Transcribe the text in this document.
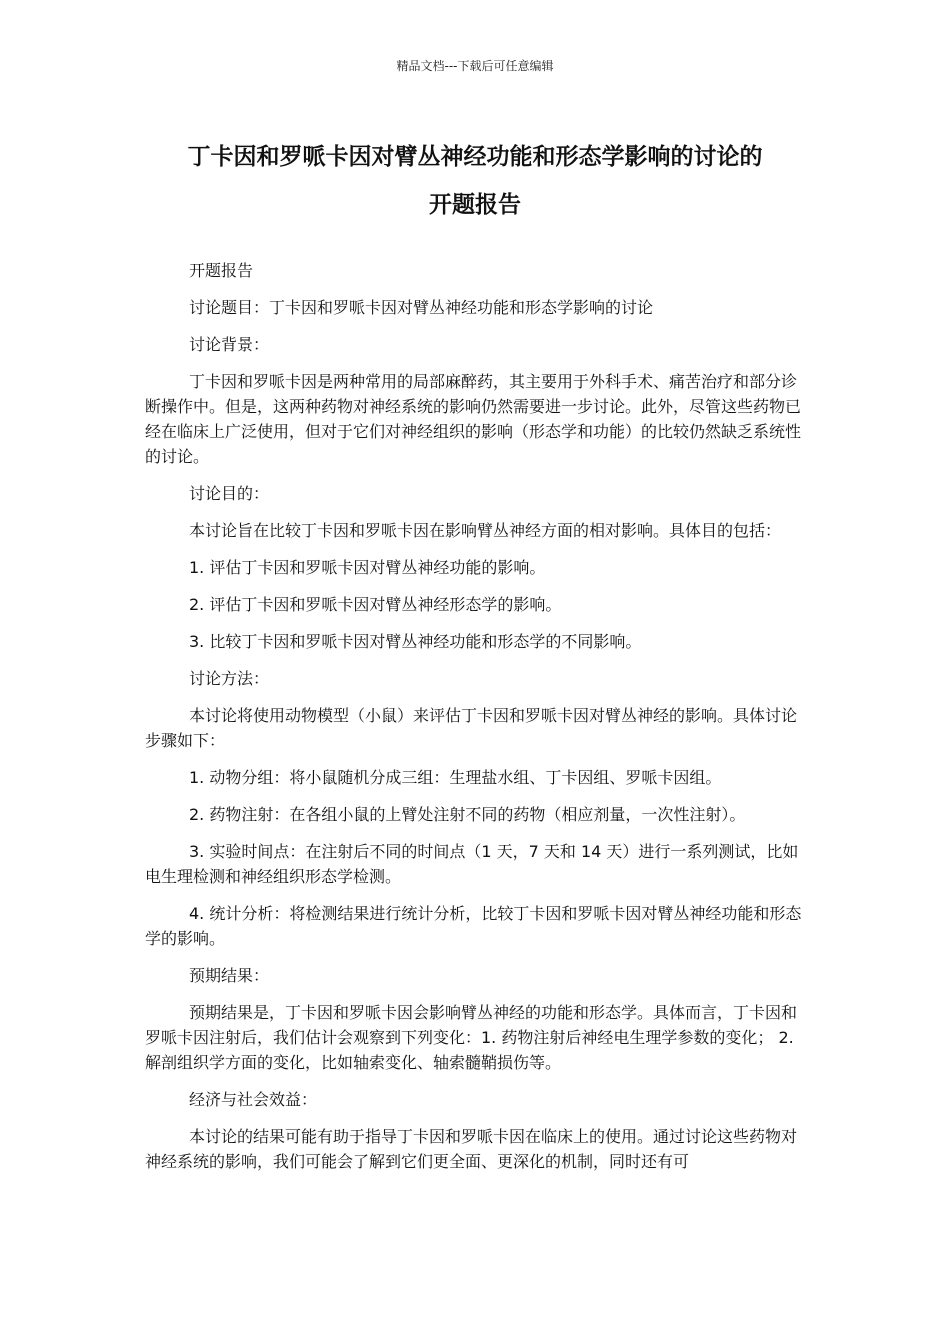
精品文档---下载后可任意编辑
丁卡因和罗哌卡因对臂丛神经功能和形态学影响的讨论的
开题报告

开题报告

讨论题目：丁卡因和罗哌卡因对臂丛神经功能和形态学影响的讨论

讨论背景：

丁卡因和罗哌卡因是两种常用的局部麻醉药，其主要用于外科手术、痛苦治疗和部分诊断操作中。但是，这两种药物对神经系统的影响仍然需要进一步讨论。此外，尽管这些药物已经在临床上广泛使用，但对于它们对神经组织的影响（形态学和功能）的比较仍然缺乏系统性的讨论。

讨论目的：

本讨论旨在比较丁卡因和罗哌卡因在影响臂丛神经方面的相对影响。具体目的包括：

1. 评估丁卡因和罗哌卡因对臂丛神经功能的影响。

2. 评估丁卡因和罗哌卡因对臂丛神经形态学的影响。

3. 比较丁卡因和罗哌卡因对臂丛神经功能和形态学的不同影响。

讨论方法：

本讨论将使用动物模型（小鼠）来评估丁卡因和罗哌卡因对臂丛神经的影响。具体讨论步骤如下：

1. 动物分组：将小鼠随机分成三组：生理盐水组、丁卡因组、罗哌卡因组。

2. 药物注射：在各组小鼠的上臂处注射不同的药物（相应剂量，一次性注射）。

3. 实验时间点：在注射后不同的时间点（1 天，7 天和 14 天）进行一系列测试，比如电生理检测和神经组织形态学检测。

4. 统计分析：将检测结果进行统计分析，比较丁卡因和罗哌卡因对臂丛神经功能和形态学的影响。

预期结果：

预期结果是，丁卡因和罗哌卡因会影响臂丛神经的功能和形态学。具体而言，丁卡因和罗哌卡因注射后，我们估计会观察到下列变化：1. 药物注射后神经电生理学参数的变化； 2. 解剖组织学方面的变化，比如轴索变化、轴索髓鞘损伤等。

经济与社会效益：

本讨论的结果可能有助于指导丁卡因和罗哌卡因在临床上的使用。通过讨论这些药物对神经系统的影响，我们可能会了解到它们更全面、更深化的机制，同时还有可
